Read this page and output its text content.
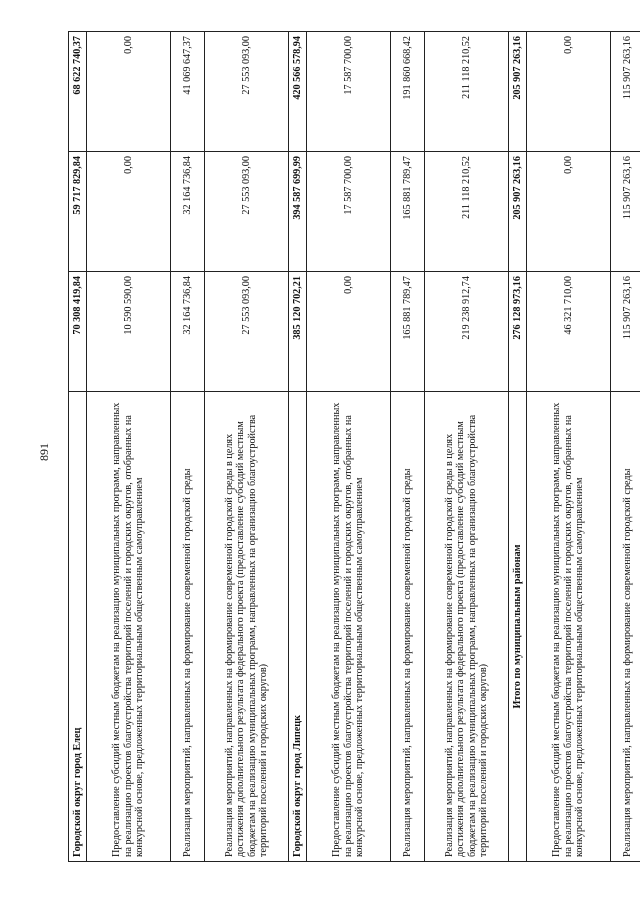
891
Городской округ город Елец	70 308 419,84	59 717 829,84	68 622 740,37
Предоставление субсидий местным бюджетам на реализацию муниципальных программ, направленных на реализацию проектов благоустройства территорий поселений и городских округов, отобранных на конкурсной основе, предложенных территориальным общественным самоуправлением	10 590 590,00	0,00	0,00
Реализация мероприятий, направленных на формирование современной городской среды	32 164 736,84	32 164 736,84	41 069 647,37
Реализация мероприятий, направленных на формирование современной городской среды в целях достижения дополнительного результата федерального проекта (предоставление субсидий местным бюджетам на реализацию муниципальных программ, направленных на организацию благоустройства территорий поселений и городских округов)	27 553 093,00	27 553 093,00	27 553 093,00
Городской округ город Липецк	385 120 702,21	394 587 699,99	420 566 578,94
Предоставление субсидий местным бюджетам на реализацию муниципальных программ, направленных на реализацию проектов благоустройства территорий поселений и городских округов, отобранных на конкурсной основе, предложенных территориальным общественным самоуправлением	0,00	17 587 700,00	17 587 700,00
Реализация мероприятий, направленных на формирование современной городской среды	165 881 789,47	165 881 789,47	191 860 668,42
Реализация мероприятий, направленных на формирование современной городской среды в целях достижения дополнительного результата федерального проекта (предоставление субсидий местным бюджетам на реализацию муниципальных программ, направленных на организацию благоустройства территорий поселений и городских округов)	219 238 912,74	211 118 210,52	211 118 210,52
Итого по муниципальным районам	276 128 973,16	205 907 263,16	205 907 263,16
Предоставление субсидий местным бюджетам на реализацию муниципальных программ, направленных на реализацию проектов благоустройства территорий поселений и городских округов, отобранных на конкурсной основе, предложенных территориальным общественным самоуправлением	46 321 710,00	0,00	0,00
Реализация мероприятий, направленных на формирование современной городской среды	115 907 263,16	115 907 263,16	115 907 263,16
